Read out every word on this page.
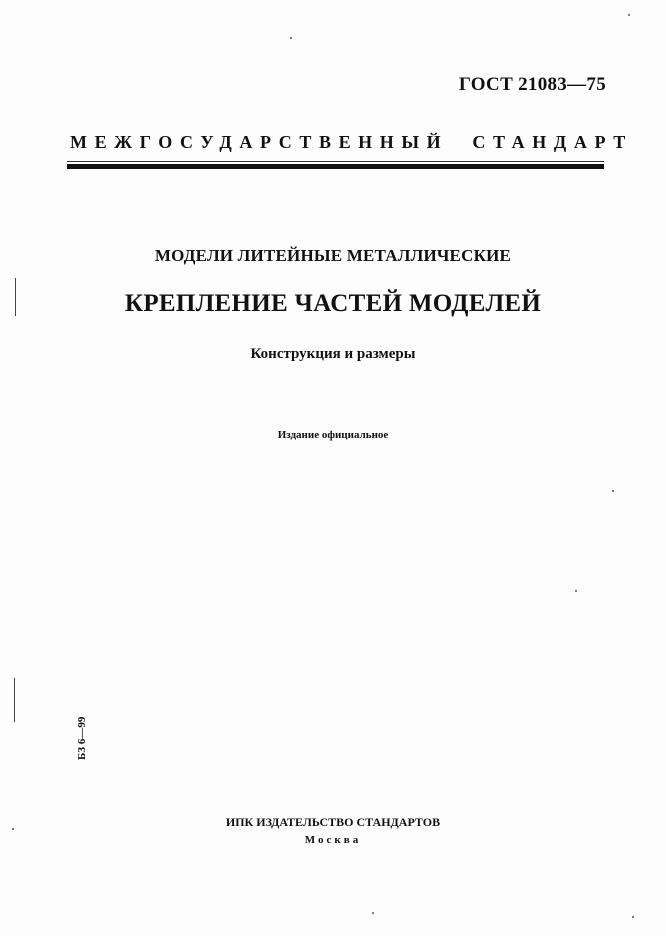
ГОСТ 21083—75
МЕЖГОСУДАРСТВЕННЫЙ СТАНДАРТ
МОДЕЛИ ЛИТЕЙНЫЕ МЕТАЛЛИЧЕСКИЕ
КРЕПЛЕНИЕ ЧАСТЕЙ МОДЕЛЕЙ
Конструкция и размеры
Издание официальное
БЗ 6—99
ИПК ИЗДАТЕЛЬСТВО СТАНДАРТОВ
Москва
